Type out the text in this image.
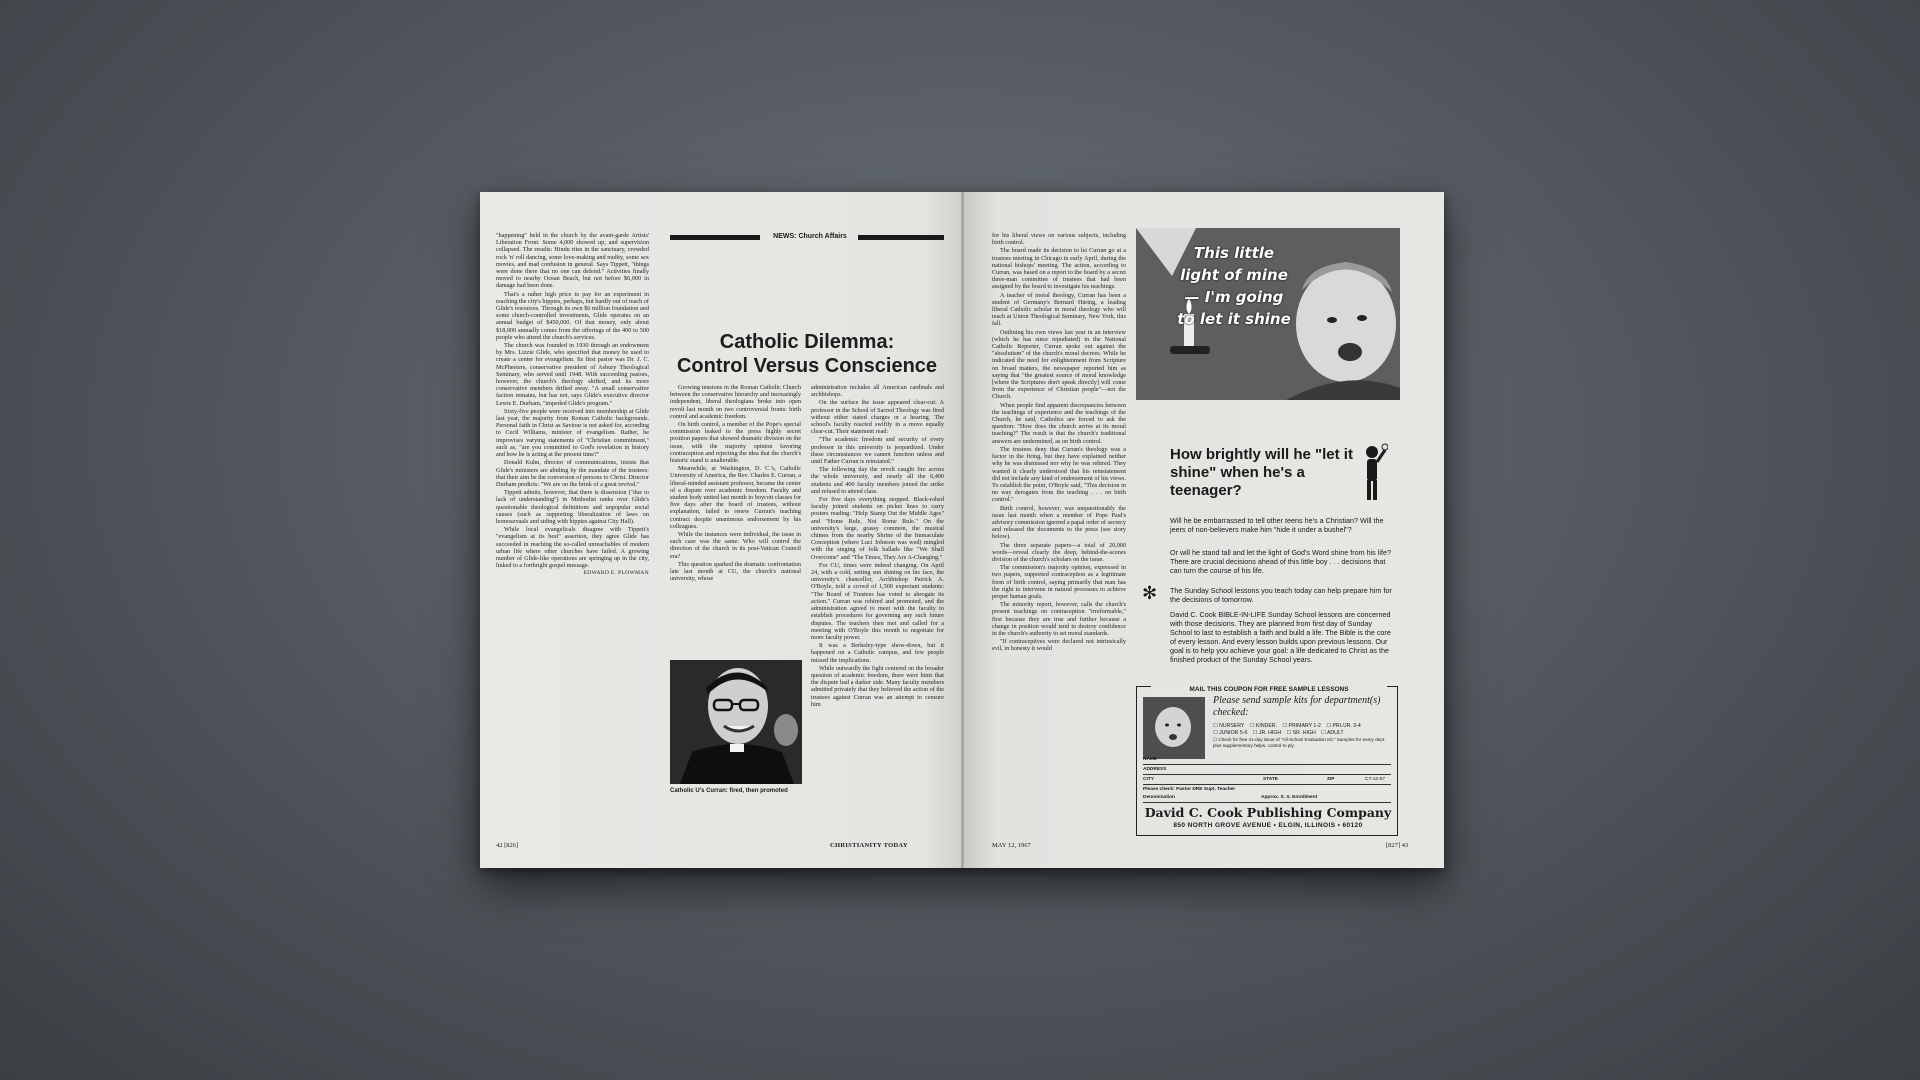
"happening" held in the church by the avant-garde Artists' Liberation Front. Some 4,000 showed up, and supervision collapsed. The results: Hindu rites in the sanctuary, crowded rock 'n' roll dancing, some love-making and nudity, some sex movies, and mad confusion in general. Says Tippett, "things were done there that no one can defend." Activities finally moved to nearby Ocean Beach, but not before $6,000 in damage had been done.

That's a rather high price to pay for an experiment in reaching the city's hippies, perhaps, but hardly out of reach of Glide's resources. Through its own $6 million foundation and some church-controlled investments, Glide operates on an annual budget of $450,000. Of that money, only about $18,000 annually comes from the offerings of the 400 to 500 people who attend the church's services.

The church was founded in 1930 through an endowment by Mrs. Lizzie Glide, who specified that money be used to create a center for evangelism. Its first pastor was Dr. J. C. McPheeters, conservative president of Asbury Theological Seminary, who served until 1948. With succeeding pastors, however, the church's theology shifted, and its more conservative members drifted away. "A small conservative faction remains, but has not, says Glide's executive director Lewis E. Durham, "impeded Glide's program."

Sixty-five people were received into membership at Glide last year, the majority from Roman Catholic backgrounds. Personal faith in Christ as Saviour is not asked for, according to Cecil Williams, minister of evangelism. Rather, he improvises varying statements of "Christian commitment," such as, "are you committed to God's revelation in history and how he is acting at the present time?"

Donald Kuhn, director of communications, insists that Glide's ministers are abiding by the mandate of the trustees: that their aim be the conversion of persons to Christ. Director Durham predicts: "We are on the brink of a great revival."

Tippett admits, however, that there is dissension ("due to lack of understanding") in Methodist ranks over Glide's questionable theological definitions and unpopular social causes (such as supporting liberalization of laws on homosexuals and siding with hippies against City Hall).

While local evangelicals disagree with Tippett's "evangelism at its best" assertion, they agree Glide has succeeded in reaching the so-called unreachables of modern urban life where other churches have failed. A growing number of Glide-like operations are springing up in the city, linked to a forthright gospel message.

EDWARD E. PLOWMAN

NEWS: Church Affairs
Catholic Dilemma:
Control Versus Conscience

Growing tensions in the Roman Catholic Church between the conservative hierarchy and increasingly independent, liberal theologians broke into open revolt last month on two controversial fronts: birth control and academic freedom.

On birth control, a member of the Pope's special commission leaked to the press highly secret position papers that showed dramatic division on the issue, with the majority opinion favoring contraception and rejecting the idea that the church's historic stand is unalterable.

Meanwhile, at Washington, D. C.'s, Catholic University of America, the Rev. Charles E. Curran, a liberal-minded assistant professor, became the center of a dispute over academic freedom. Faculty and student body united last month to boycott classes for five days after the board of trustees, without explanation, failed to renew Curran's teaching contract despite unanimous endorsement by his colleagues.

While the instances were individual, the issue in each case was the same: Who will control the direction of the church in its post-Vatican Council era?

This question sparked the dramatic confrontation late last month at CU, the church's national university, whose

Catholic U's Curran: fired, then promoted

administration includes all American cardinals and archbishops.

On the surface the issue appeared clear-cut: A professor in the School of Sacred Theology was fired without either stated charges or a hearing. The school's faculty reacted swiftly in a move equally clear-cut. Their statement read:

"The academic freedom and security of every professor in this university is jeopardized. Under these circumstances we cannot function unless and until Father Curran is reinstated."

The following day the revolt caught fire across the whole university, and nearly all the 6,400 students and 400 faculty members joined the strike and refused to attend class.

For five days everything stopped. Black-robed faculty joined students on picket lines to carry posters reading: "Help Stamp Out the Middle Ages" and "Home Rule, Not Rome Rule." On the university's large, grassy common, the musical chimes from the nearby Shrine of the Immaculate Conception (where Luci Johnson was wed) mingled with the singing of folk ballads like "We Shall Overcome" and "The Times, They Are A-Changing."

For CU, times were indeed changing. On April 24, with a cold, setting sun shining on his face, the university's chancellor, Archbishop Patrick A. O'Boyle, told a crowd of 1,500 expectant students: "The Board of Trustees has voted to abrogate its action." Curran was rehired and promoted, and the administration agreed to meet with the faculty to establish procedures for governing any such future disputes. The teachers then met and called for a meeting with O'Boyle this month to negotiate for more faculty power.

It was a Berkeley-type show-down, but it happened on a Catholic campus, and few people missed the implications.

While outwardly the fight centered on the broader question of academic freedom, there were hints that the dispute had a darker side. Many faculty members admitted privately that they believed the action of the trustees against Curran was an attempt to censure him

42 [826]	CHRISTIANITY TODAY

for his liberal views on various subjects, including birth control.

The board made its decision to let Curran go at a trustees meeting in Chicago in early April, during the national bishops' meeting. The action, according to Curran, was based on a report to the board by a secret three-man committee of trustees that had been assigned by the board to investigate his teachings.

A teacher of moral theology, Curran has been a student of Germany's Bernard Häring, a leading liberal Catholic scholar in moral theology who will teach at Union Theological Seminary, New York, this fall.

Outlining his own views last year in an interview (which he has since repudiated) in the National Catholic Reporter, Curran spoke out against the "absolutism" of the church's moral decrees. While he indicated the need for enlightenment from Scripture on broad matters, the newspaper reported him as saying that "the greatest source of moral knowledge [where the Scriptures don't speak directly] will come from the experience of Christian people"—not the Church.

When people find apparent discrepancies between the teachings of experience and the teachings of the Church, he said, Catholics are forced to ask the question: "How does the church arrive at its moral teaching?" The result is that the church's traditional answers are undermined, as on birth control.

The trustees deny that Curran's theology was a factor in the firing, but they have explained neither why he was dismissed nor why he was rehired. They wanted it clearly understood that his reinstatement did not include any kind of endorsement of his views. To establish the point, O'Boyle said, "This decision in no way derogates from the teaching . . . on birth control."

Birth control, however, was unquestionably the issue last month when a member of Pope Paul's advisory commission ignored a papal order of secrecy and released the documents to the press (see story below).

The three separate papers—a total of 20,000 words—reveal clearly the deep, behind-the-scenes division of the church's scholars on the issue.

The commission's majority opinion, expressed in two papers, supported contraception as a legitimate form of birth control, saying primarily that man has the right to intervene in natural processes to achieve proper human goals.

The minority report, however, calls the church's present teachings on contraception "irreformable," first because they are true and further because a change in position would tend to destroy confidence in the church's authority to set moral standards.

"If contraceptives were declared not intrinsically evil, in honesty it would

This little light of mine— I'm going to let it shine
How brightly will he "let it shine" when he's a teenager?
Will he be embarrassed to tell other teens he's a Christian? Will the jeers of non-believers make him "hide it under a bushel"?
Or will he stand tall and let the light of God's Word shine from his life? There are crucial decisions ahead of this little boy . . . decisions that can turn the course of his life.
✻	The Sunday School lessons you teach today can help prepare him for the decisions of tomorrow.
David C. Cook BIBLE-IN-LIFE Sunday School lessons are concerned with those decisions. They are planned from first day of Sunday School to last to establish a faith and build a life. The Bible is the core of every lesson. And every lesson builds upon previous lessons. Our goal is to help you achieve your goal: a life dedicated to Christ as the finished product of the Sunday School years.
MAIL THIS COUPON FOR FREE SAMPLE LESSONS
Please send sample kits for department(s) checked:
☐ NURSERY ☐ KINDER. ☐ PRIMARY 1-2 ☐ PRI./JR. 3-4
☐ JUNIOR 5-6 ☐ JR. HIGH ☐ SR. HIGH ☐ ADULT
☐ Check for free 41-day issue of "All-School Evaluation Kit." Samples for every dept. plus supplementary helps, control to ply.
NAME
ADDRESS
CITY	STATE	ZIP	CT-12-67
Please check: Pastor DRE Supt. Teacher
Denomination	Approx. S. S. Enrollment
David C. Cook Publishing Company
850 NORTH GROVE AVENUE • ELGIN, ILLINOIS • 60120
MAY 12, 1967	[827] 43
